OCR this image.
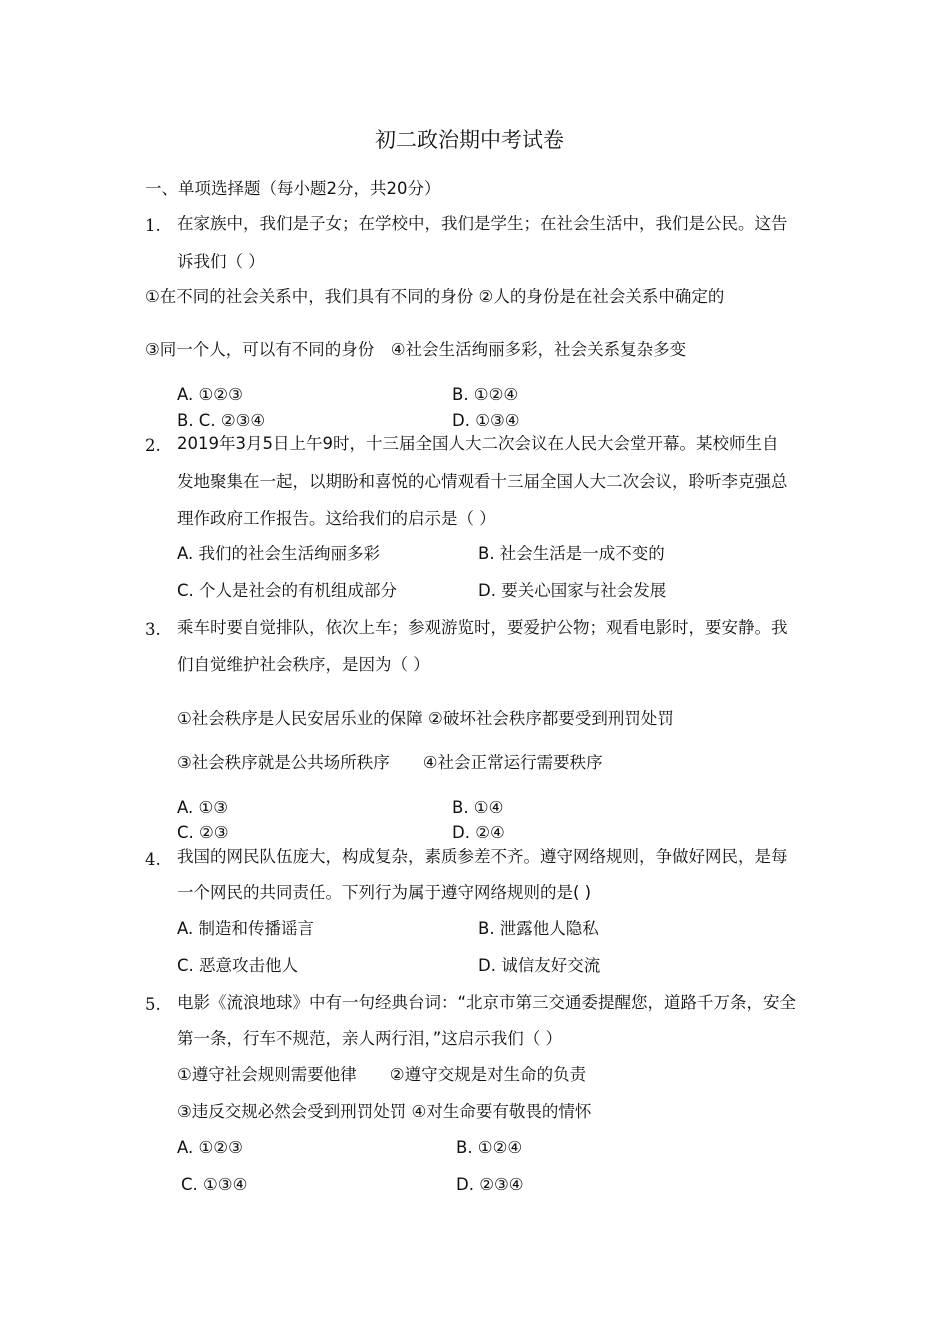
初二政治期中考试卷
一、单项选择题（每小题2分，共20分）
1. 在家族中，我们是子女；在学校中，我们是学生；在社会生活中，我们是公民。这告
诉我们（ ）
①在不同的社会关系中，我们具有不同的身份 ②人的身份是在社会关系中确定的
③同一个人，可以有不同的身份　④社会生活绚丽多彩，社会关系复杂多变
A. ①②③	B. ①②④
B. C. ②③④	D. ①③④
2. 2019年3月5日上午9时，十三届全国人大二次会议在人民大会堂开幕。某校师生自
发地聚集在一起，以期盼和喜悦的心情观看十三届全国人大二次会议，聆听李克强总
理作政府工作报告。这给我们的启示是（ ）
A. 我们的社会生活绚丽多彩	B. 社会生活是一成不变的
C. 个人是社会的有机组成部分	D. 要关心国家与社会发展
3. 乘车时要自觉排队，依次上车；参观游览时，要爱护公物；观看电影时，要安静。我
们自觉维护社会秩序，是因为（ ）
①社会秩序是人民安居乐业的保障 ②破坏社会秩序都要受到刑罚处罚
③社会秩序就是公共场所秩序　　④社会正常运行需要秩序
A. ①③	B. ①④
C. ②③	D. ②④
4. 我国的网民队伍庞大，构成复杂，素质参差不齐。遵守网络规则，争做好网民，是每
一个网民的共同责任。下列行为属于遵守网络规则的是( )
A. 制造和传播谣言	B. 泄露他人隐私
C. 恶意攻击他人	D. 诚信友好交流
5. 电影《流浪地球》中有一句经典台词：“北京市第三交通委提醒您，道路千万条，安全
第一条，行车不规范，亲人两行泪，”这启示我们（ ）
①遵守社会规则需要他律　　②遵守交规是对生命的负责
③违反交规必然会受到刑罚处罚 ④对生命要有敬畏的情怀
A. ①②③	B. ①②④
C. ①③④	D. ②③④
